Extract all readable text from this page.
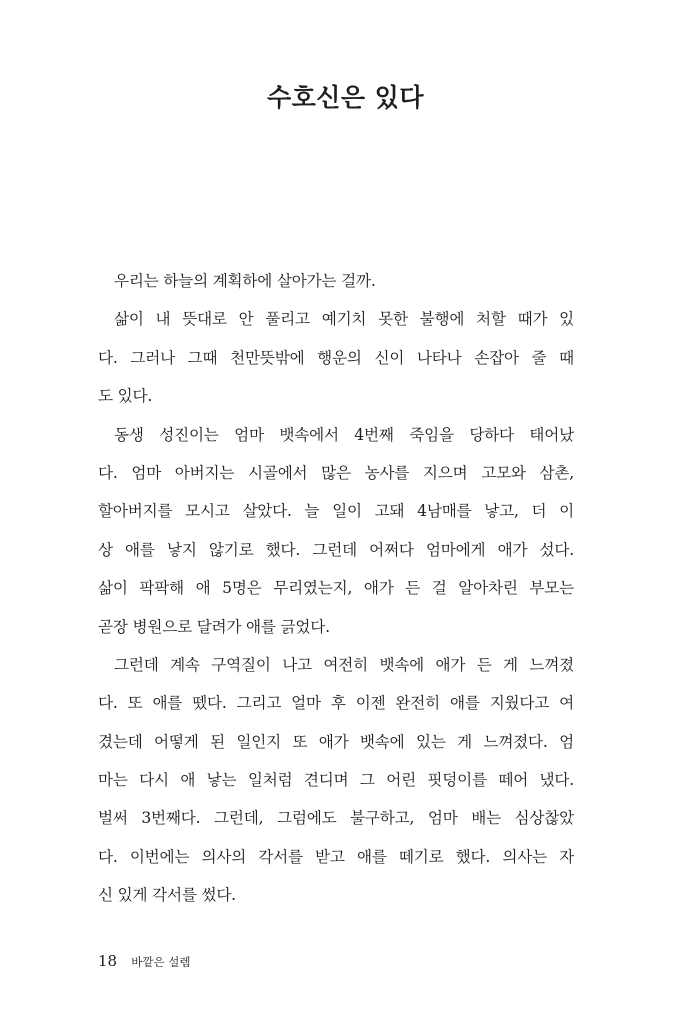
수호신은 있다
우리는 하늘의 계획하에 살아가는 걸까.
삶이 내 뜻대로 안 풀리고 예기치 못한 불행에 처할 때가 있
다. 그러나 그때 천만뜻밖에 행운의 신이 나타나 손잡아 줄 때
도 있다.
동생 성진이는 엄마 뱃속에서 4번째 죽임을 당하다 태어났
다. 엄마 아버지는 시골에서 많은 농사를 지으며 고모와 삼촌,
할아버지를 모시고 살았다. 늘 일이 고돼 4남매를 낳고, 더 이
상 애를 낳지 않기로 했다. 그런데 어쩌다 엄마에게 애가 섰다.
삶이 팍팍해 애 5명은 무리였는지, 애가 든 걸 알아차린 부모는
곧장 병원으로 달려가 애를 긁었다.
그런데 계속 구역질이 나고 여전히 뱃속에 애가 든 게 느껴졌
다. 또 애를 뗐다. 그리고 얼마 후 이젠 완전히 애를 지웠다고 여
겼는데 어떻게 된 일인지 또 애가 뱃속에 있는 게 느껴졌다. 엄
마는 다시 애 낳는 일처럼 견디며 그 어린 핏덩이를 떼어 냈다.
벌써 3번째다. 그런데, 그럼에도 불구하고, 엄마 배는 심상찮았
다. 이번에는 의사의 각서를 받고 애를 떼기로 했다. 의사는 자
신 있게 각서를 썼다.
18 바깥은 설렘
